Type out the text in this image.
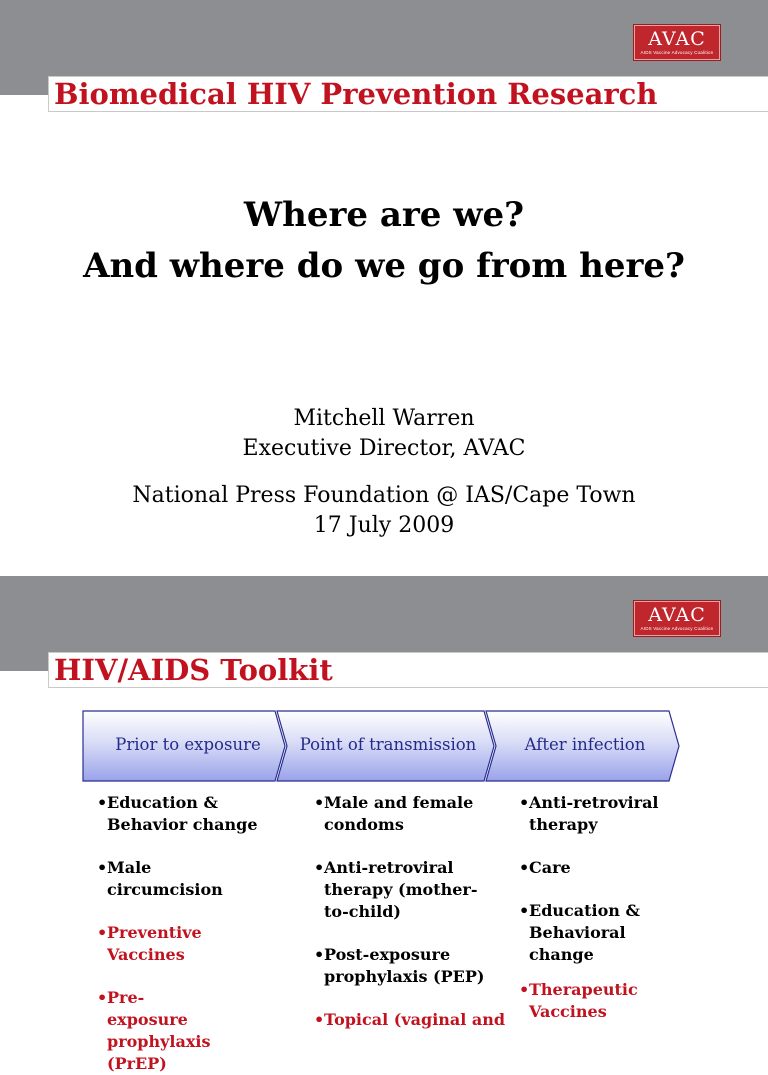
AVAC
AIDS Vaccine Advocacy Coalition
Biomedical HIV Prevention Research
Where are we?
And where do we go from here?
Mitchell Warren
Executive Director, AVAC
National Press Foundation @ IAS/Cape Town
17 July 2009
AVAC
AIDS Vaccine Advocacy Coalition
HIV/AIDS Toolkit
Prior to exposure	Point of transmission	After infection
• Education & Behavior change
• Male circumcision
• Preventive Vaccines
• Pre-exposure prophylaxis (PrEP)
• Male and female condoms
• Anti-retroviral therapy (mother-to-child)
• Post-exposure prophylaxis (PEP)
• Topical (vaginal and
• Anti-retroviral therapy
• Care
• Education & Behavioral change
• Therapeutic Vaccines
